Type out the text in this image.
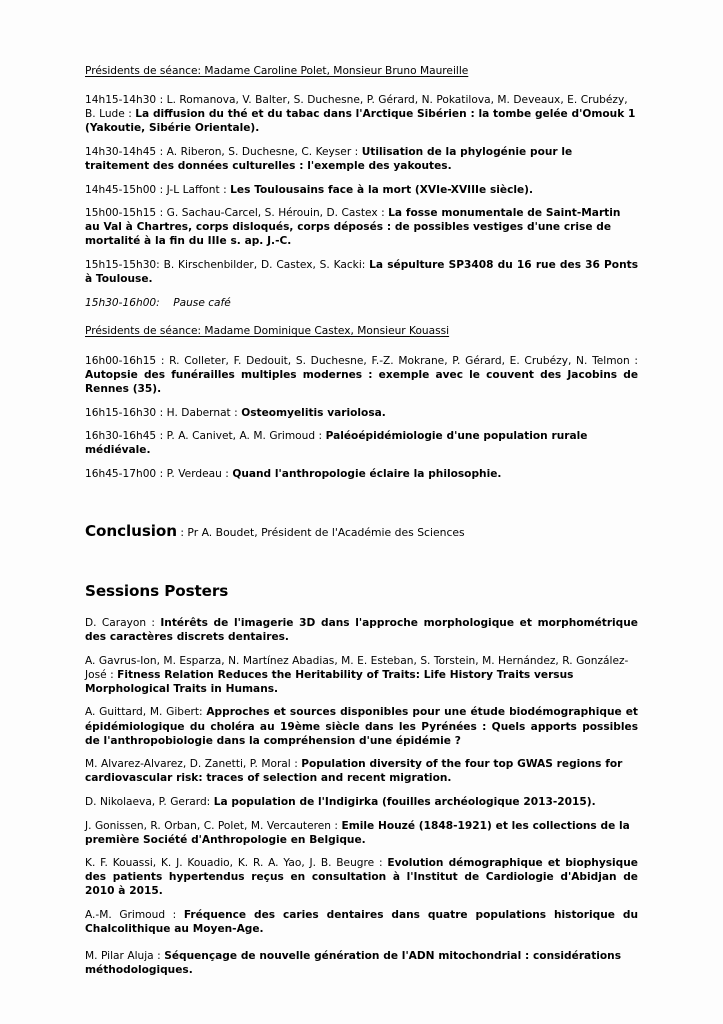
Présidents de séance: Madame Caroline Polet, Monsieur Bruno Maureille

14h15-14h30 : L. Romanova, V. Balter, S. Duchesne, P. Gérard, N. Pokatilova, M. Deveaux, E. Crubézy, B. Lude : La diffusion du thé et du tabac dans l'Arctique Sibérien : la tombe gelée d'Omouk 1 (Yakoutie, Sibérie Orientale).

14h30-14h45 : A. Riberon, S. Duchesne, C. Keyser : Utilisation de la phylogénie pour le traitement des données culturelles : l'exemple des yakoutes.

14h45-15h00 : J-L Laffont : Les Toulousains face à la mort (XVIe-XVIIIe siècle).

15h00-15h15 : G. Sachau-Carcel, S. Hérouin, D. Castex : La fosse monumentale de Saint-Martin au Val à Chartres, corps disloqués, corps déposés : de possibles vestiges d'une crise de mortalité à la fin du IIIe s. ap. J.-C.

15h15-15h30: B. Kirschenbilder, D. Castex, S. Kacki: La sépulture SP3408 du 16 rue des 36 Ponts à Toulouse.

15h30-16h00:    Pause café

Présidents de séance: Madame Dominique Castex, Monsieur Kouassi

16h00-16h15 : R. Colleter, F. Dedouit, S. Duchesne, F.-Z. Mokrane, P. Gérard, E. Crubézy, N. Telmon : Autopsie des funérailles multiples modernes : exemple avec le couvent des Jacobins de Rennes (35).

16h15-16h30 : H. Dabernat : Osteomyelitis variolosa.

16h30-16h45 : P. A. Canivet, A. M. Grimoud : Paléoépidémiologie d'une population rurale médiévale.

16h45-17h00 : P. Verdeau : Quand l'anthropologie éclaire la philosophie.

Conclusion : Pr A. Boudet, Président de l'Académie des Sciences

Sessions Posters

D. Carayon : Intérêts de l'imagerie 3D dans l'approche morphologique et morphométrique des caractères discrets dentaires.

A. Gavrus-Ion, M. Esparza, N. Martínez Abadias, M. E. Esteban, S. Torstein, M. Hernández, R. González-José : Fitness Relation Reduces the Heritability of Traits: Life History Traits versus Morphological Traits in Humans.

A. Guittard, M. Gibert: Approches et sources disponibles pour une étude biodémographique et épidémiologique du choléra au 19ème siècle dans les Pyrénées : Quels apports possibles de l'anthropobiologie dans la compréhension d'une épidémie ?

M. Alvarez-Alvarez, D. Zanetti, P. Moral : Population diversity of the four top GWAS regions for cardiovascular risk: traces of selection and recent migration.

D. Nikolaeva, P. Gerard: La population de l'Indigirka (fouilles archéologique 2013-2015).

J. Gonissen, R. Orban, C. Polet, M. Vercauteren : Emile Houzé (1848-1921) et les collections de la première Société d'Anthropologie en Belgique.

K. F. Kouassi, K. J. Kouadio, K. R. A. Yao, J. B. Beugre : Evolution démographique et biophysique des patients hypertendus reçus en consultation à l'Institut de Cardiologie d'Abidjan de 2010 à 2015.

A.-M. Grimoud : Fréquence des caries dentaires dans quatre populations historique du Chalcolithique au Moyen-Age.

M. Pilar Aluja : Séquençage de nouvelle génération de l'ADN mitochondrial : considérations méthodologiques.
